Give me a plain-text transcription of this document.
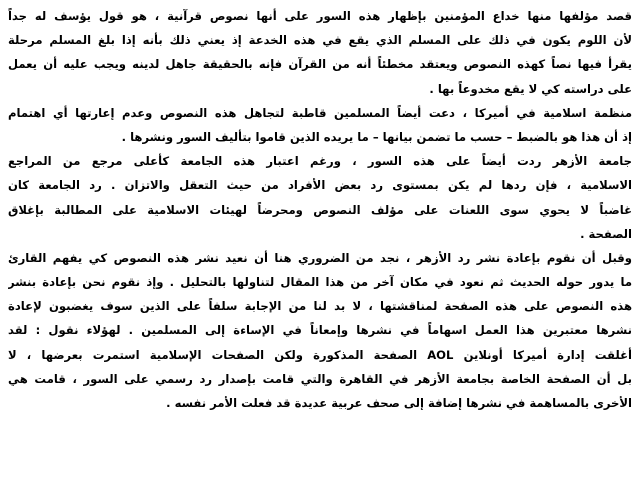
قصد مؤلفها منها خداع المؤمنين بإظهار هذه السور على أنها نصوص قرآنية ، هو قول يؤسف له جداً
لأن اللوم يكون في ذلك على المسلم الذي يقع في هذه الخدعة إذ يعني ذلك بأنه إذا بلغ المسلم مرحلة
يقرأ فيها نصاً كهذه النصوص ويعتقد مخطئاً أنه من القرآن فإنه بالحقيقة جاهل لدينه ويجب عليه أن يعمل
على دراسته كي لا يقع مخدوعاً بها .
منظمة اسلامية في أميركا ، دعت أيضاً المسلمين قاطبة لتجاهل هذه النصوص وعدم إعارتها أي اهتمام
إذ أن هذا هو بالضبط – حسب ما تضمن بيانها – ما يريده الذين قاموا بتأليف السور ونشرها .
جامعة الأزهر ردت أيضاً على هذه السور ، ورغم اعتبار هذه الجامعة كأعلى مرجع من المراجع
الاسلامية ، فإن ردها لم يكن بمستوى رد بعض الأفراد من حيث التعقل والاتزان . رد الجامعة كان
غاضباً لا يحوي سوى اللعنات على مؤلف النصوص ومحرضاً لهيئات الاسلامية على المطالبة بإغلاق
الصفحة .
وقبل أن نقوم بإعادة نشر رد الأزهر ، نجد من الضروري هنا أن نعيد نشر هذه النصوص كي يفهم القارئ
ما يدور حوله الحديث ثم نعود في مكان آخر من هذا المقال لتناولها بالتحليل . وإذ نقوم نحن بإعادة بنشر
هذه النصوص على هذه الصفحة لمناقشتها ، لا بد لنا من الإجابة سلفاً على الذين سوف يغضبون لإعادة
نشرها معتبرين هذا العمل اسهاماً في نشرها وإمعاناً في الإساءة إلى المسلمين . لهؤلاء نقول : لقد
أغلقت إدارة أميركا أونلاين AOL الصفحة المذكورة ولكن الصفحات الإسلامية استمرت بعرضها ، لا
بل أن الصفحة الخاصة بجامعة الأزهر في القاهرة والتي قامت بإصدار رد رسمي على السور ، قامت هي
الأخرى بالمساهمة في نشرها إضافة إلى صحف عربية عديدة قد فعلت الأمر نفسه .
